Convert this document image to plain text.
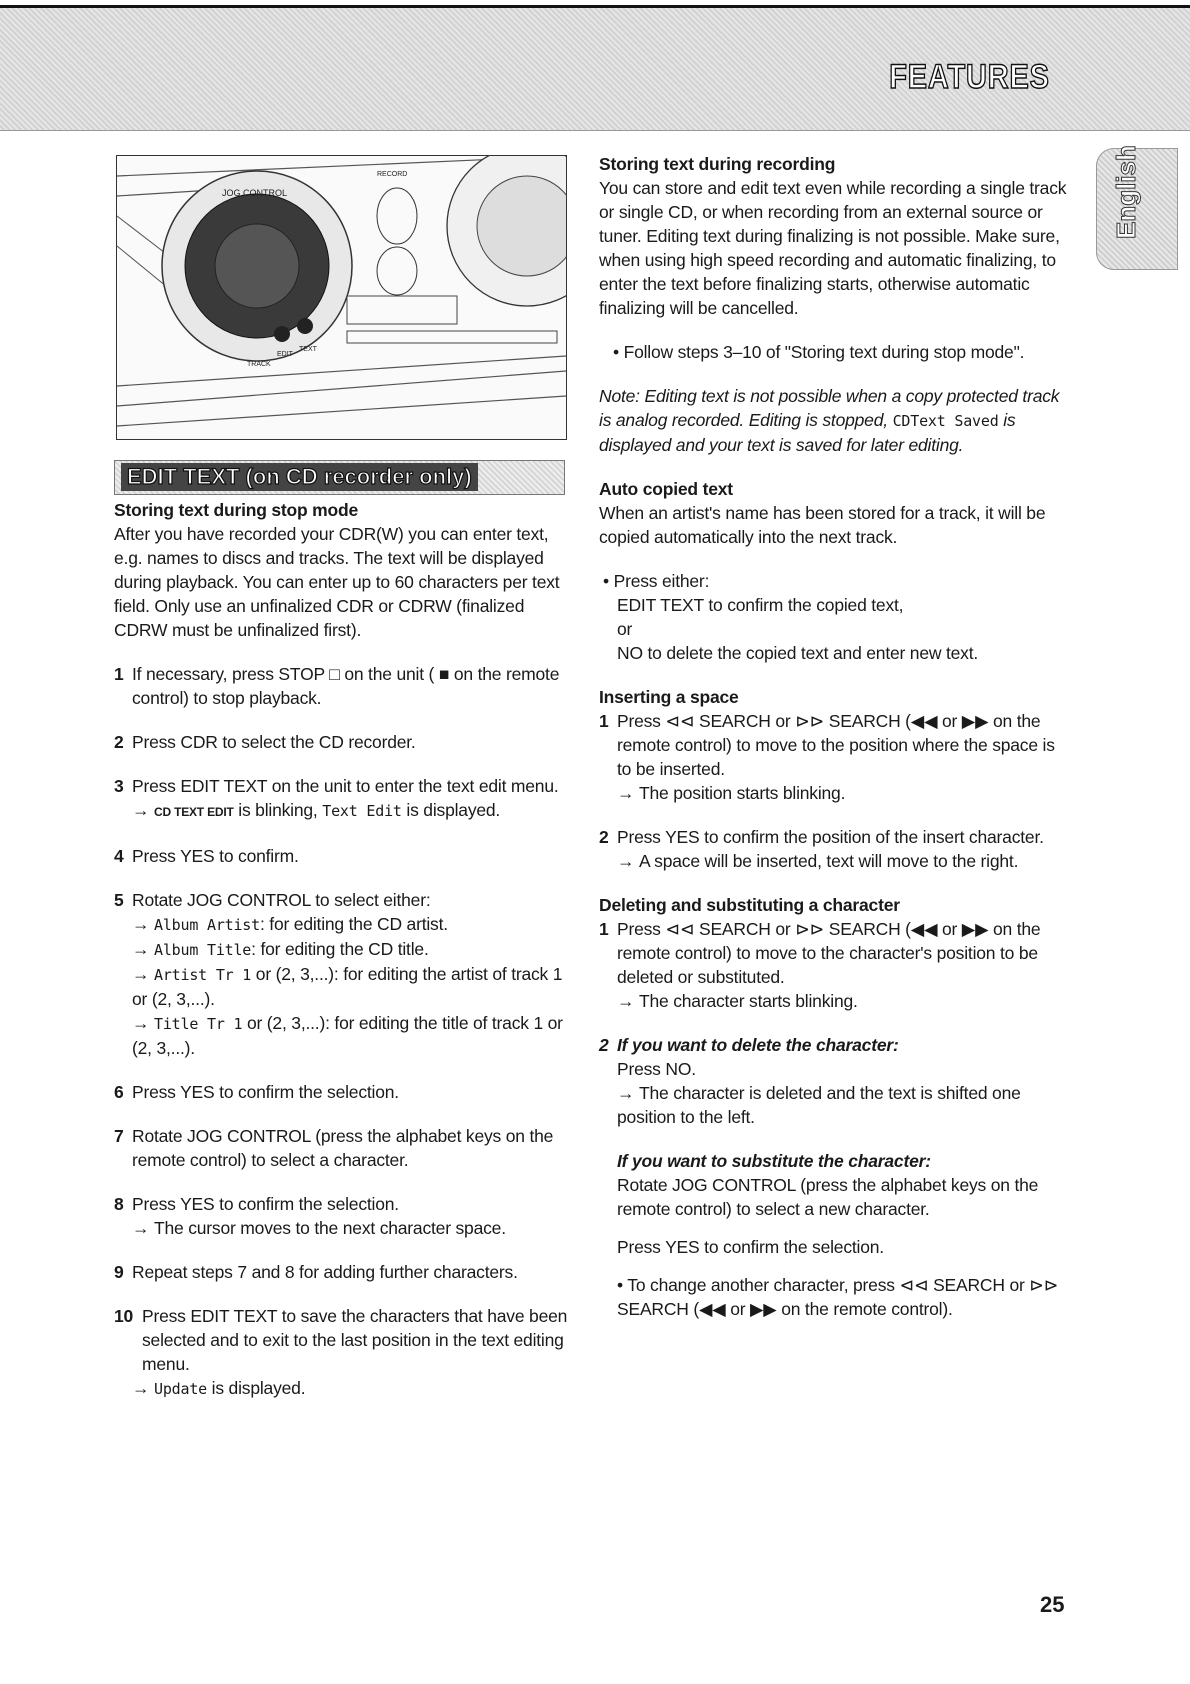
FEATURES
English
JOG CONTROL
EDIT
TEXT
TRACK
RECORD
EDIT TEXT (on CD recorder only)
Storing text during stop mode

After you have recorded your CDR(W) you can enter text, e.g. names to discs and tracks. The text will be displayed during playback. You can enter up to 60 characters per text field. Only use an unfinalized CDR or CDRW (finalized CDRW must be unfinalized first).

1 If necessary, press STOP □ on the unit ( ■ on the remote control) to stop playback.
2 Press CDR to select the CD recorder.
3 Press EDIT TEXT on the unit to enter the text edit menu.
→ CD TEXT EDIT is blinking, Text Edit is displayed.
4 Press YES to confirm.
5 Rotate JOG CONTROL to select either:
→ Album Artist: for editing the CD artist.
→ Album Title: for editing the CD title.
→ Artist Tr 1 or (2, 3,...): for editing the artist of track 1 or (2, 3,...).
→ Title Tr 1 or (2, 3,...): for editing the title of track 1 or (2, 3,...).
6 Press YES to confirm the selection.
7 Rotate JOG CONTROL (press the alphabet keys on the remote control) to select a character.
8 Press YES to confirm the selection.
→ The cursor moves to the next character space.
9 Repeat steps 7 and 8 for adding further characters.
10 Press EDIT TEXT to save the characters that have been selected and to exit to the last position in the text editing menu.
→ Update is displayed.
Storing text during recording

You can store and edit text even while recording a single track or single CD, or when recording from an external source or tuner. Editing text during finalizing is not possible. Make sure, when using high speed recording and automatic finalizing, to enter the text before finalizing starts, otherwise automatic finalizing will be cancelled.

• Follow steps 3–10 of "Storing text during stop mode".
Note: Editing text is not possible when a copy protected track is analog recorded. Editing is stopped, CDText Saved is displayed and your text is saved for later editing.
Auto copied text

When an artist's name has been stored for a track, it will be copied automatically into the next track.

• Press either:
EDIT TEXT to confirm the copied text,
or
NO to delete the copied text and enter new text.
Inserting a space
1 Press ⊲⊲ SEARCH or ⊳⊳ SEARCH (◀◀ or ▶▶ on the remote control) to move to the position where the space is to be inserted.
→ The position starts blinking.
2 Press YES to confirm the position of the insert character.
→ A space will be inserted, text will move to the right.
Deleting and substituting a character
1 Press ⊲⊲ SEARCH or ⊳⊳ SEARCH (◀◀ or ▶▶ on the remote control) to move to the character's position to be deleted or substituted.
→ The character starts blinking.
2 If you want to delete the character:
Press NO.
→ The character is deleted and the text is shifted one position to the left.
If you want to substitute the character:
Rotate JOG CONTROL (press the alphabet keys on the remote control) to select a new character.
Press YES to confirm the selection.
• To change another character, press ⊲⊲ SEARCH or ⊳⊳ SEARCH (◀◀ or ▶▶ on the remote control).
25
